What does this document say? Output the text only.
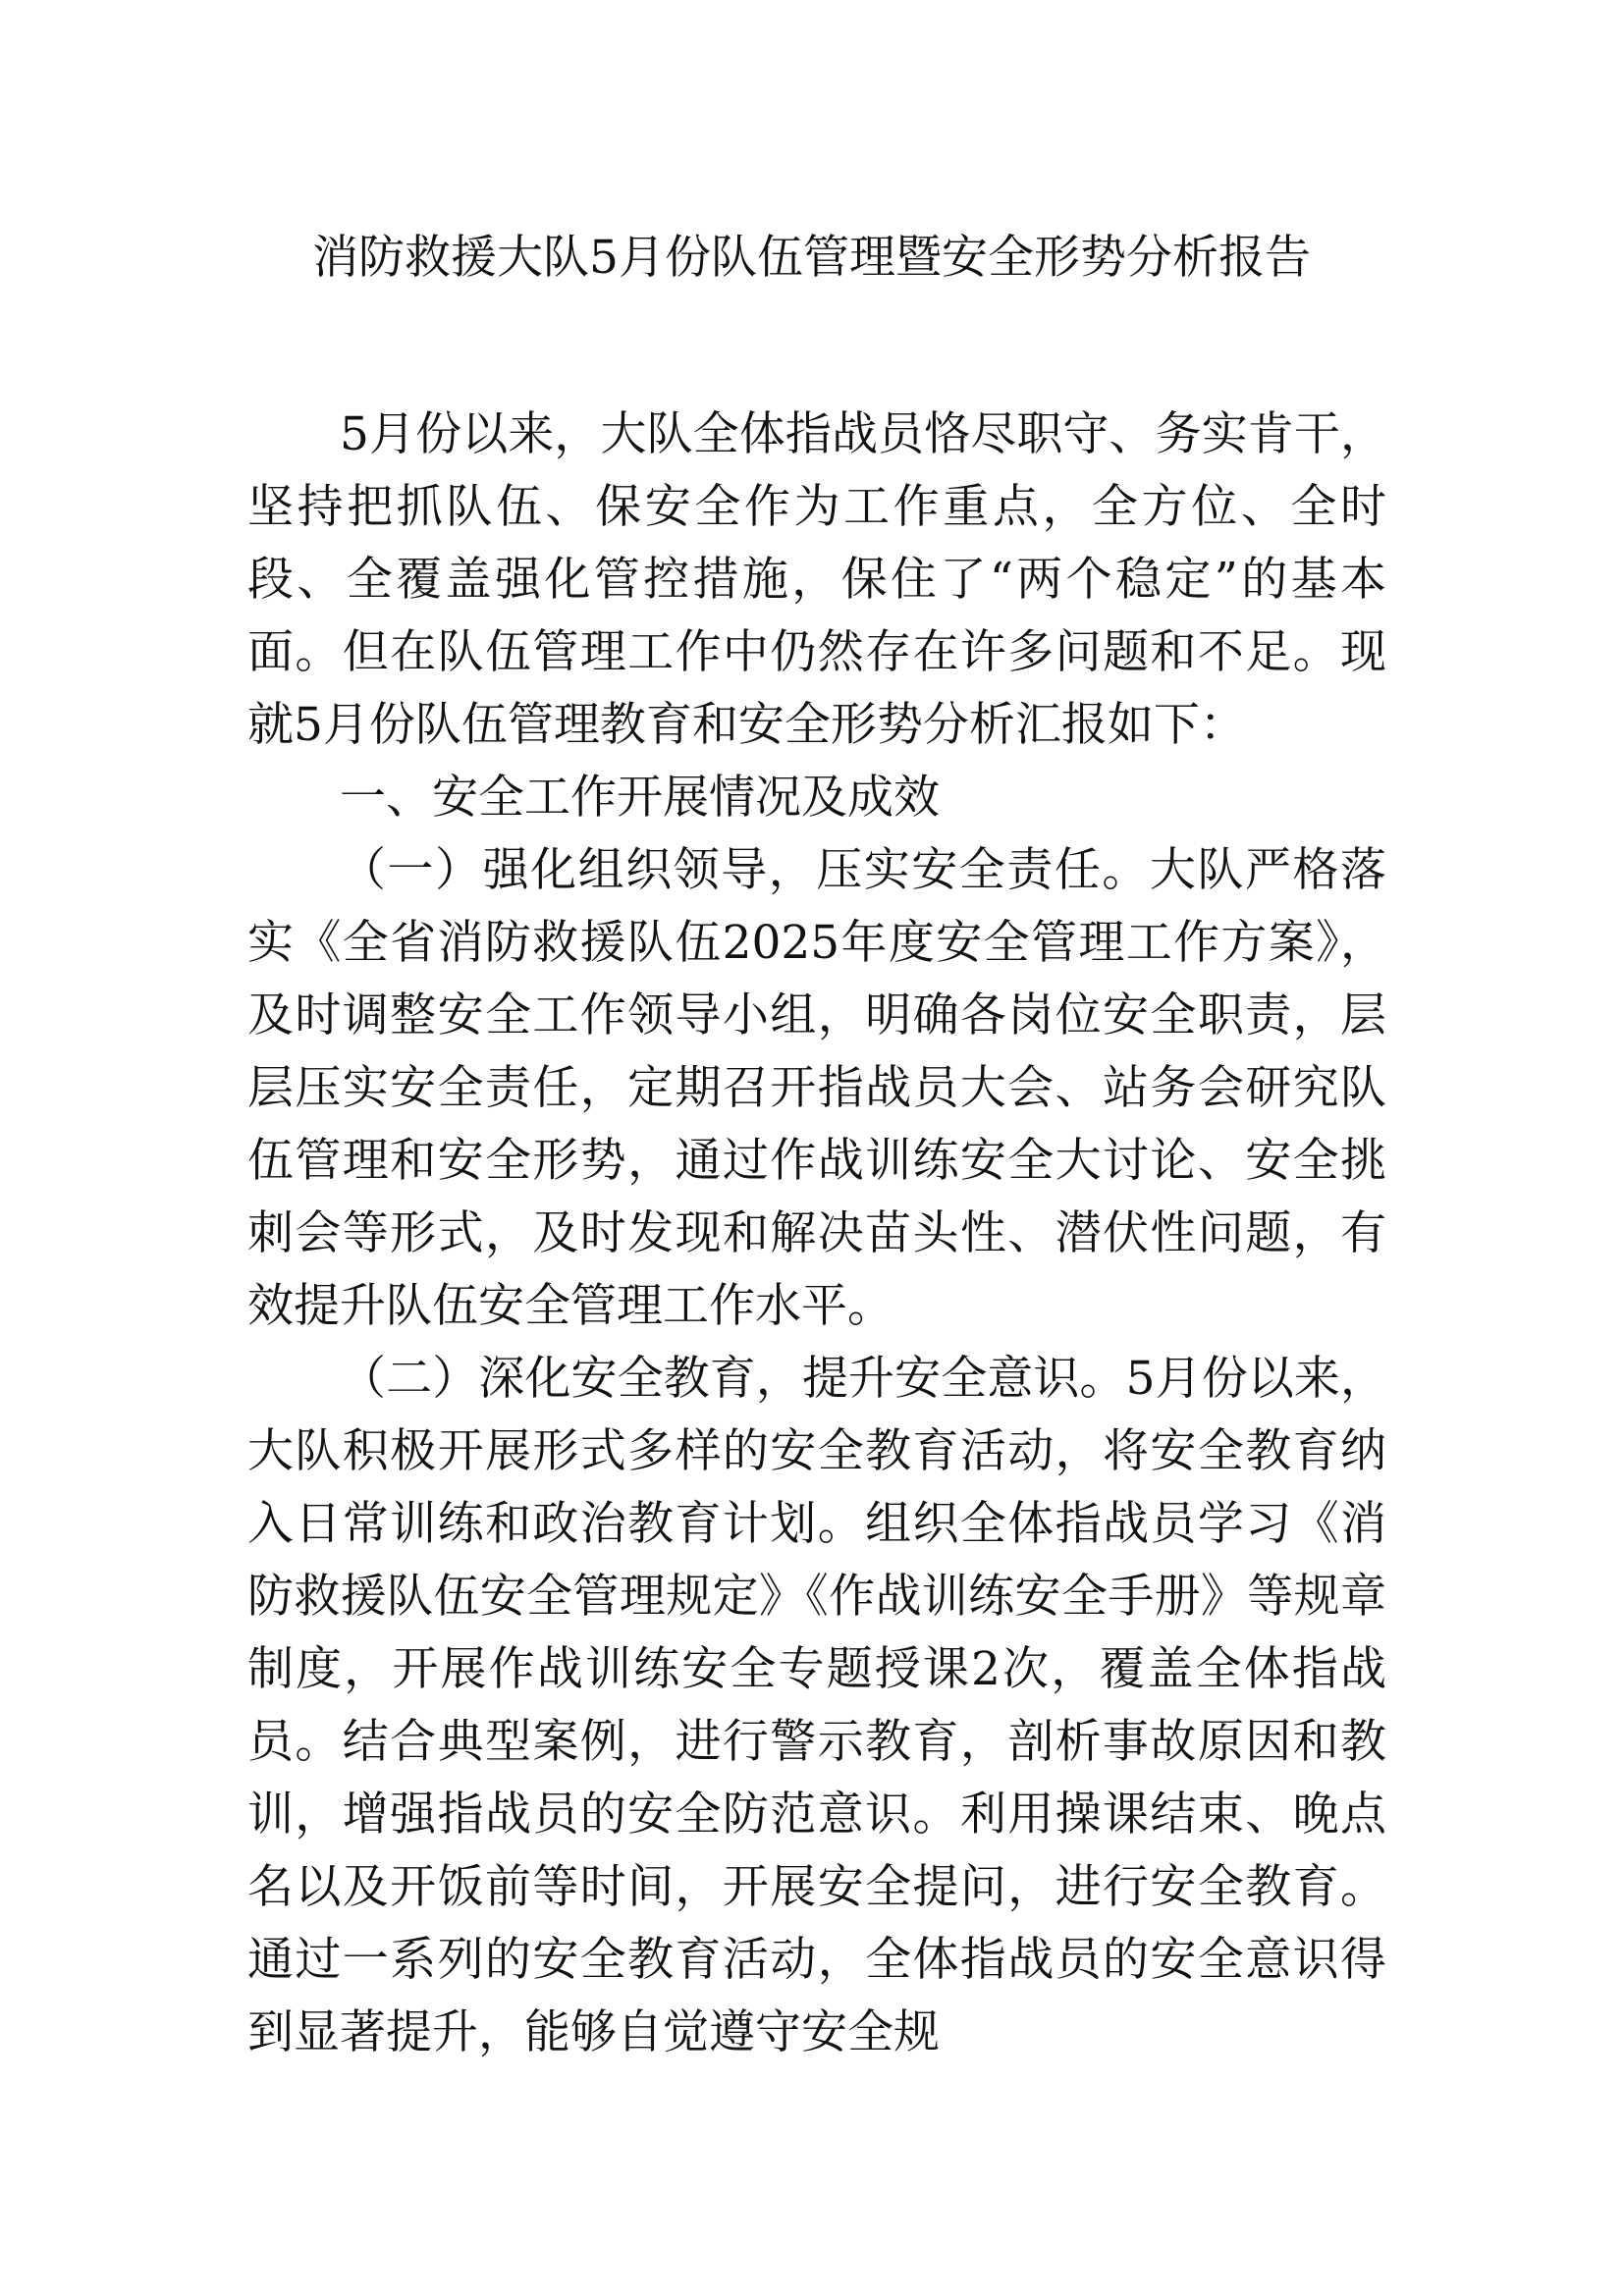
消防救援大队5月份队伍管理暨安全形势分析报告

5月份以来，大队全体指战员恪尽职守、务实肯干，坚持把抓队伍、保安全作为工作重点，全方位、全时段、全覆盖强化管控措施，保住了“两个稳定”的基本面。但在队伍管理工作中仍然存在许多问题和不足。现就5月份队伍管理教育和安全形势分析汇报如下：

一、安全工作开展情况及成效

（一）强化组织领导，压实安全责任。大队严格落实《全省消防救援队伍2025年度安全管理工作方案》，及时调整安全工作领导小组，明确各岗位安全职责，层层压实安全责任，定期召开指战员大会、站务会研究队伍管理和安全形势，通过作战训练安全大讨论、安全挑刺会等形式，及时发现和解决苗头性、潜伏性问题，有效提升队伍安全管理工作水平。

（二）深化安全教育，提升安全意识。5月份以来，大队积极开展形式多样的安全教育活动，将安全教育纳入日常训练和政治教育计划。组织全体指战员学习《消防救援队伍安全管理规定》《作战训练安全手册》等规章制度，开展作战训练安全专题授课2次，覆盖全体指战员。结合典型案例，进行警示教育，剖析事故原因和教训，增强指战员的安全防范意识。利用操课结束、晚点名以及开饭前等时间，开展安全提问，进行安全教育。通过一系列的安全教育活动，全体指战员的安全意识得到显著提升，能够自觉遵守安全规
